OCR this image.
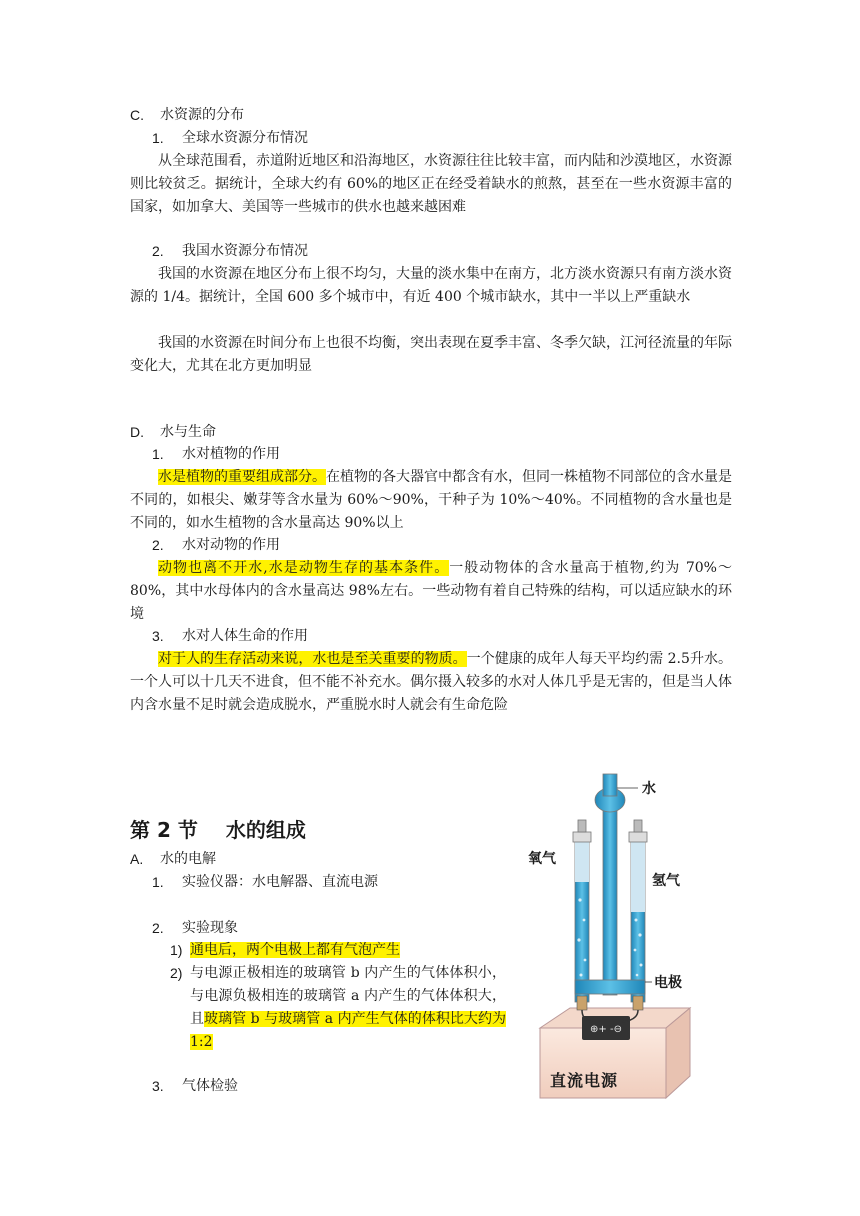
C. 水资源的分布
1. 全球水资源分布情况

从全球范围看，赤道附近地区和沿海地区，水资源往往比较丰富，而内陆和沙漠地区，水资源则比较贫乏。据统计，全球大约有 60%的地区正在经受着缺水的煎熬，甚至在一些水资源丰富的国家，如加拿大、美国等一些城市的供水也越来越困难

2. 我国水资源分布情况

我国的水资源在地区分布上很不均匀，大量的淡水集中在南方，北方淡水资源只有南方淡水资源的 1/4。据统计，全国 600 多个城市中，有近 400 个城市缺水，其中一半以上严重缺水

我国的水资源在时间分布上也很不均衡，突出表现在夏季丰富、冬季欠缺，江河径流量的年际变化大，尤其在北方更加明显

D. 水与生命
1. 水对植物的作用

水是植物的重要组成部分。在植物的各大器官中都含有水，但同一株植物不同部位的含水量是不同的，如根尖、嫩芽等含水量为 60%～90%，干种子为 10%～40%。不同植物的含水量也是不同的，如水生植物的含水量高达 90%以上

2. 水对动物的作用

动物也离不开水,水是动物生存的基本条件。一般动物体的含水量高于植物,约为 70%～80%，其中水母体内的含水量高达 98%左右。一些动物有着自己特殊的结构，可以适应缺水的环境

3. 水对人体生命的作用

对于人的生存活动来说，水也是至关重要的物质。一个健康的成年人每天平均约需 2.5升水。一个人可以十几天不进食，但不能不补充水。偶尔摄入较多的水对人体几乎是无害的，但是当人体内含水量不足时就会造成脱水，严重脱水时人就会有生命危险

第 2 节 水的组成
A. 水的电解
1. 实验仪器：水电解器、直流电源
2. 实验现象
1) 通电后，两个电极上都有气泡产生
2) 与电源正极相连的玻璃管 b 内产生的气体体积小，与电源负极相连的玻璃管 a 内产生的气体体积大，且玻璃管 b 与玻璃管 a 内产生气体的体积比大约为 1:2
3. 气体检验
⊕+ -⊖
水
氧气
氢气
电极
直流电源
